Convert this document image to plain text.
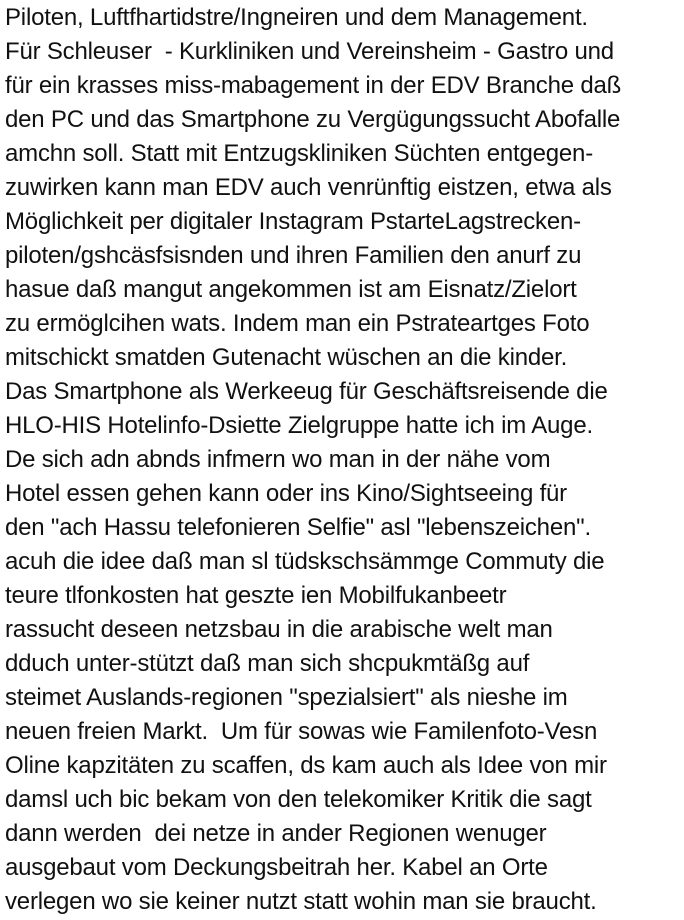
Piloten, Luftfhartidstre/Ingneiren und dem Management.
Für Schleuser  - Kurkliniken und Vereinsheim - Gastro und
für ein krasses miss-mabagement in der EDV Branche daß
den PC und das Smartphone zu Vergügungssucht Abofalle
amchn soll. Statt mit Entzugskliniken Süchten entgegen-
zuwirken kann man EDV auch venrünftig eistzen, etwa als
Möglichkeit per digitaler Instagram PstarteLagstrecken-
piloten/gshcäsfsisnden und ihren Familien den anurf zu
hasue daß mangut angekommen ist am Eisnatz/Zielort
zu ermöglcihen wats. Indem man ein Pstrateartges Foto
mitschickt smatden Gutenacht wüschen an die kinder.
Das Smartphone als Werkeeug für Geschäftsreisende die
HLO-HIS Hotelinfo-Dsiette Zielgruppe hatte ich im Auge.
De sich adn abnds infmern wo man in der nähe vom
Hotel essen gehen kann oder ins Kino/Sightseeing für
den "ach Hassu telefonieren Selfie" asl "lebenszeichen".
acuh die idee daß man sl tüdskschsämmge Commuty die
teure tlfonkosten hat geszte ien Mobilfukanbeetr
rassucht deseen netzsbau in die arabische welt man
dduch unter-stützt daß man sich shcpukmtäßg auf
steimet Auslands-regionen "spezialsiert" als nieshe im
neuen freien Markt.  Um für sowas wie Familenfoto-Vesn
Oline kapzitäten zu scaffen, ds kam auch als Idee von mir
damsl uch bic bekam von den telekomiker Kritik die sagt
dann werden  dei netze in ander Regionen wenuger
ausgebaut vom Deckungsbeitrah her. Kabel an Orte
verlegen wo sie keiner nutzt statt wohin man sie braucht.
